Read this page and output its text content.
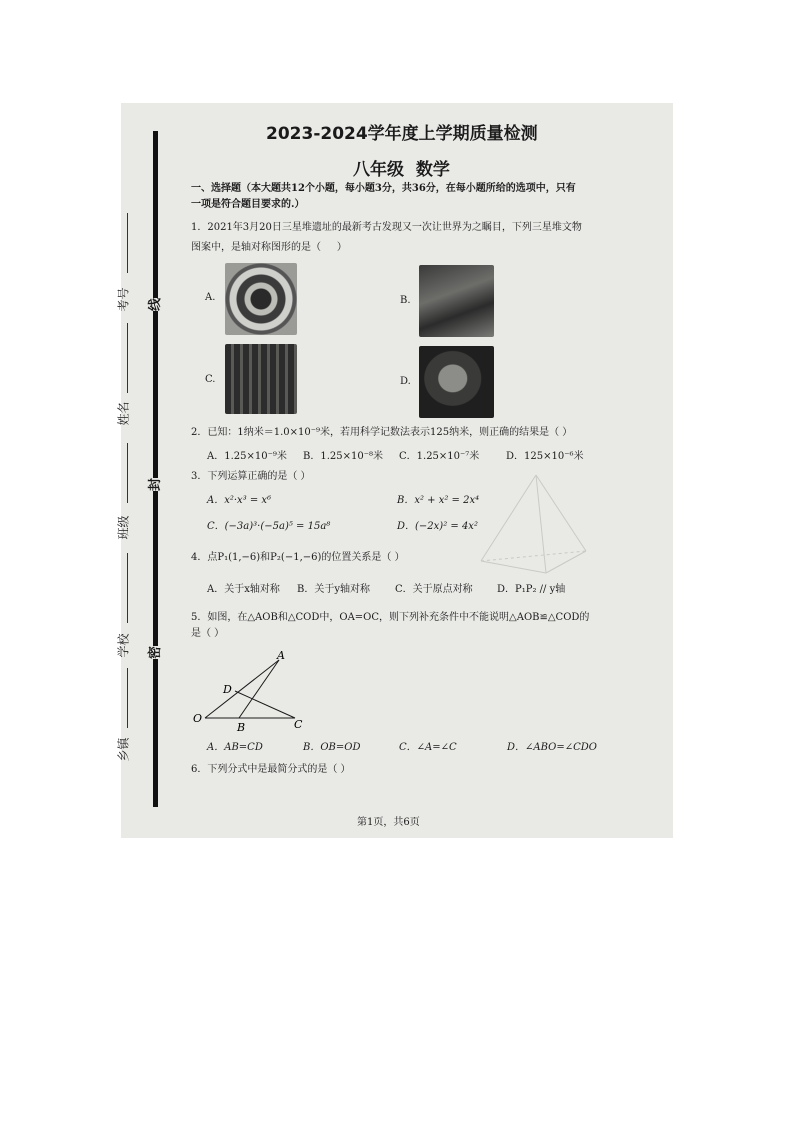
考号
姓名
班级
学校
乡镇
线
封
密
2023-2024学年度上学期质量检测
八年级  数学
一、选择题（本大题共12个小题，每小题3分，共36分，在每小题所给的选项中，只有
一项是符合题目要求的.）
1．2021年3月20日三星堆遗址的最新考古发现又一次让世界为之瞩目，下列三星堆文物
图案中，是轴对称图形的是（     ）
A.	B.
C.	D.
2．已知：1纳米＝1.0×10⁻⁹米，若用科学记数法表示125纳米，则正确的结果是（ ）
A．1.25×10⁻⁹米 B．1.25×10⁻⁸米 C．1.25×10⁻⁷米	D．125×10⁻⁶米
3．下列运算正确的是（ ）
A．x²·x³ = x⁶	B．x² + x² = 2x⁴
C．(−3a)³·(−5a)⁵ = 15a⁸	D．(−2x)² = 4x²
4．点P₁(1,−6)和P₂(−1,−6)的位置关系是（ ）
A．关于x轴对称 B．关于y轴对称	C．关于原点对称 D．P₁P₂ // y轴
5．如图，在△AOB和△COD中，OA=OC，则下列补充条件中不能说明△AOB≌△COD的
是（ ）
A
D
O
B	C
A．AB=CD	B．OB=OD	C．∠A=∠C	D．∠ABO=∠CDO
6．下列分式中是最简分式的是（ ）
第1页，共6页
